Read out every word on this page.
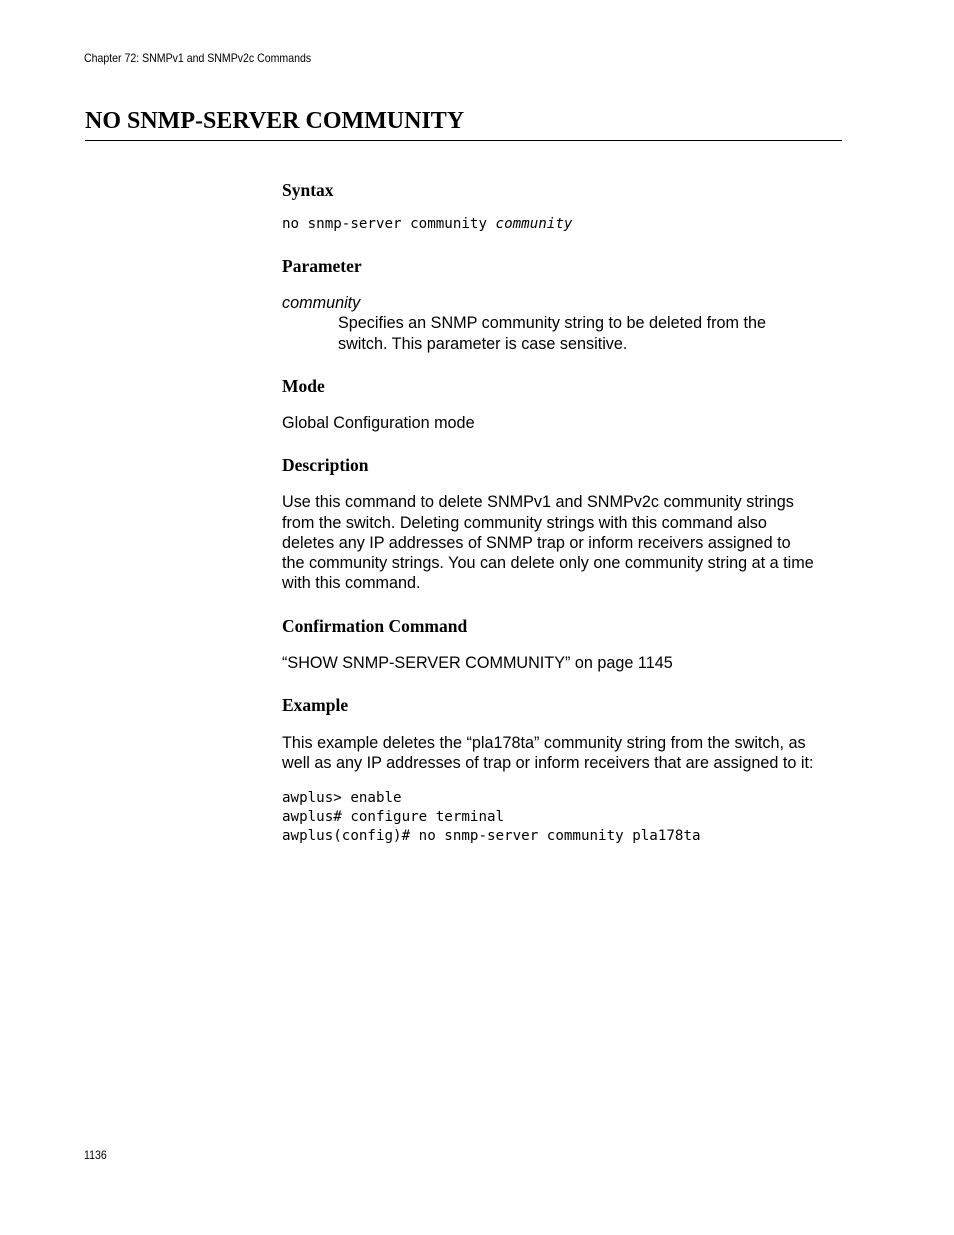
Chapter 72: SNMPv1 and SNMPv2c Commands
NO SNMP-SERVER COMMUNITY
Syntax

no snmp-server community community

Parameter

community

Specifies an SNMP community string to be deleted from the

switch. This parameter is case sensitive.

Mode

Global Configuration mode

Description

Use this command to delete SNMPv1 and SNMPv2c community strings

from the switch. Deleting community strings with this command also

deletes any IP addresses of SNMP trap or inform receivers assigned to

the community strings. You can delete only one community string at a time

with this command.

Confirmation Command

“SHOW SNMP-SERVER COMMUNITY” on page 1145

Example

This example deletes the “pla178ta” community string from the switch, as

well as any IP addresses of trap or inform receivers that are assigned to it:

awplus> enable

awplus# configure terminal

awplus(config)# no snmp-server community pla178ta

1136
